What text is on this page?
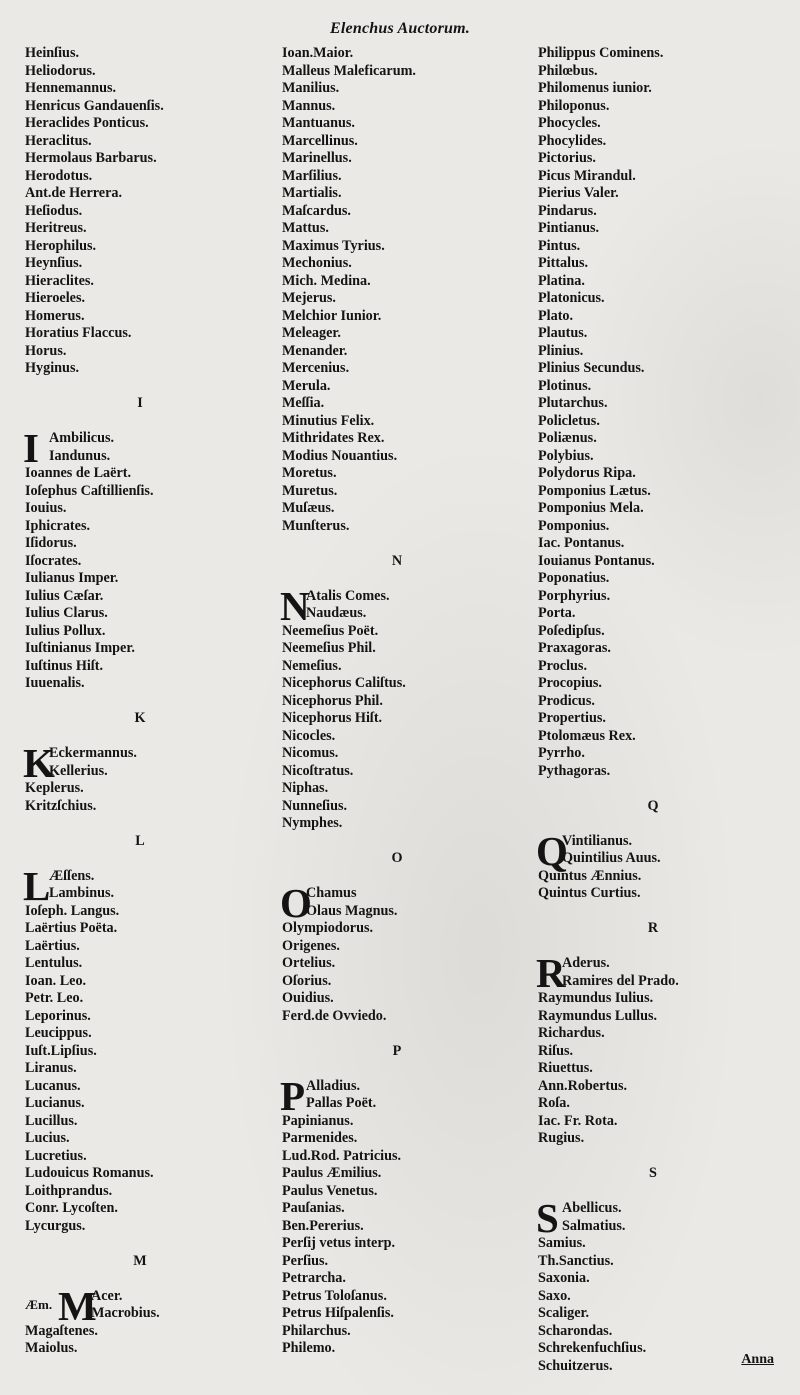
Elenchus Auctorum.
Heinſius.
Heliodorus.
Hennemannus.
Henricus Gandauenſis.
Heraclides Ponticus.
Heraclitus.
Hermolaus Barbarus.
Herodotus.
Ant.de Herrera.
Heſiodus.
Heritreus.
Herophilus.
Heynſius.
Hieraclites.
Hieroeles.
Homerus.
Horatius Flaccus.
Horus.
Hyginus.
I
I Ambilicus.
Iandunus.
Ioannes de Laërt.
Ioſephus Caſtillienſis.
Iouius.
Iphicrates.
Iſidorus.
Iſocrates.
Iulianus Imper.
Iulius Cæſar.
Iulius Clarus.
Iulius Pollux.
Iuſtinianus Imper.
Iuſtinus Hiſt.
Iuuenalis.
K
K
Eckermannus.
Kellerius.
Keplerus.
Kritzſchius.
L
L
Æſſens.
Lambinus.
Ioſeph. Langus.
Laërtius Poëta.
Laërtius.
Lentulus.
Ioan. Leo.
Petr. Leo.
Leporinus.
Leucippus.
Iuſt.Lipſius.
Liranus.
Lucanus.
Lucianus.
Lucillus.
Lucius.
Lucretius.
Ludouicus Romanus.
Loithprandus.
Conr. Lycoſten.
Lycurgus.
M
Æm. M
Acer.
Macrobius.
Magaſtenes.
Maiolus.
Ioan.Maior.
Malleus Maleficarum.
Manilius.
Mannus.
Mantuanus.
Marcellinus.
Marinellus.
Marſilius.
Martialis.
Maſcardus.
Mattus.
Maximus Tyrius.
Mechonius.
Mich. Medina.
Mejerus.
Melchior Iunior.
Meleager.
Menander.
Mercenius.
Merula.
Meſſia.
Minutius Felix.
Mithridates Rex.
Modius Nouantius.
Moretus.
Muretus.
Muſæus.
Munſterus.
N
N
Atalis Comes.
Naudæus.
Neemeſius Poët.
Neemeſius Phil.
Nemeſius.
Nicephorus Caliſtus.
Nicephorus Phil.
Nicephorus Hiſt.
Nicocles.
Nicomus.
Nicoſtratus.
Niphas.
Nunneſius.
Nymphes.
O
O
Chamus
Olaus Magnus.
Olympiodorus.
Origenes.
Ortelius.
Oſorius.
Ouidius.
Ferd.de Ovviedo.
P
P Alladius.
Pallas Poët.
Papinianus.
Parmenides.
Lud.Rod. Patricius.
Paulus Æmilius.
Paulus Venetus.
Pauſanias.
Ben.Pererius.
Perſij vetus interp.
Perſius.
Petrarcha.
Petrus Toloſanus.
Petrus Hiſpalenſis.
Philarchus.
Philemo.
Philippus Cominens.
Philœbus.
Philomenus iunior.
Philoponus.
Phocycles.
Phocylides.
Pictorius.
Picus Mirandul.
Pierius Valer.
Pindarus.
Pintianus.
Pintus.
Pittalus.
Platina.
Platonicus.
Plato.
Plautus.
Plinius.
Plinius Secundus.
Plotinus.
Plutarchus.
Policletus.
Poliænus.
Polybius.
Polydorus Ripa.
Pomponius Lætus.
Pomponius Mela.
Pomponius.
Iac. Pontanus.
Iouianus Pontanus.
Poponatius.
Porphyrius.
Porta.
Poſedipſus.
Praxagoras.
Proclus.
Procopius.
Prodicus.
Propertius.
Ptolomæus Rex.
Pyrrho.
Pythagoras.
Q
Q
Vintilianus.
Quintilius Auus.
Quintus Ænnius.
Quintus Curtius.
R
R
Aderus.
Ramires del Prado.
Raymundus Iulius.
Raymundus Lullus.
Richardus.
Riſus.
Riuettus.
Ann.Robertus.
Roſa.
Iac. Fr. Rota.
Rugius.
S
S Abellicus.
Salmatius.
Samius.
Th.Sanctius.
Saxonia.
Saxo.
Scaliger.
Scharondas.
Schrekenfuchſius.
Schuitzerus.	Anna
